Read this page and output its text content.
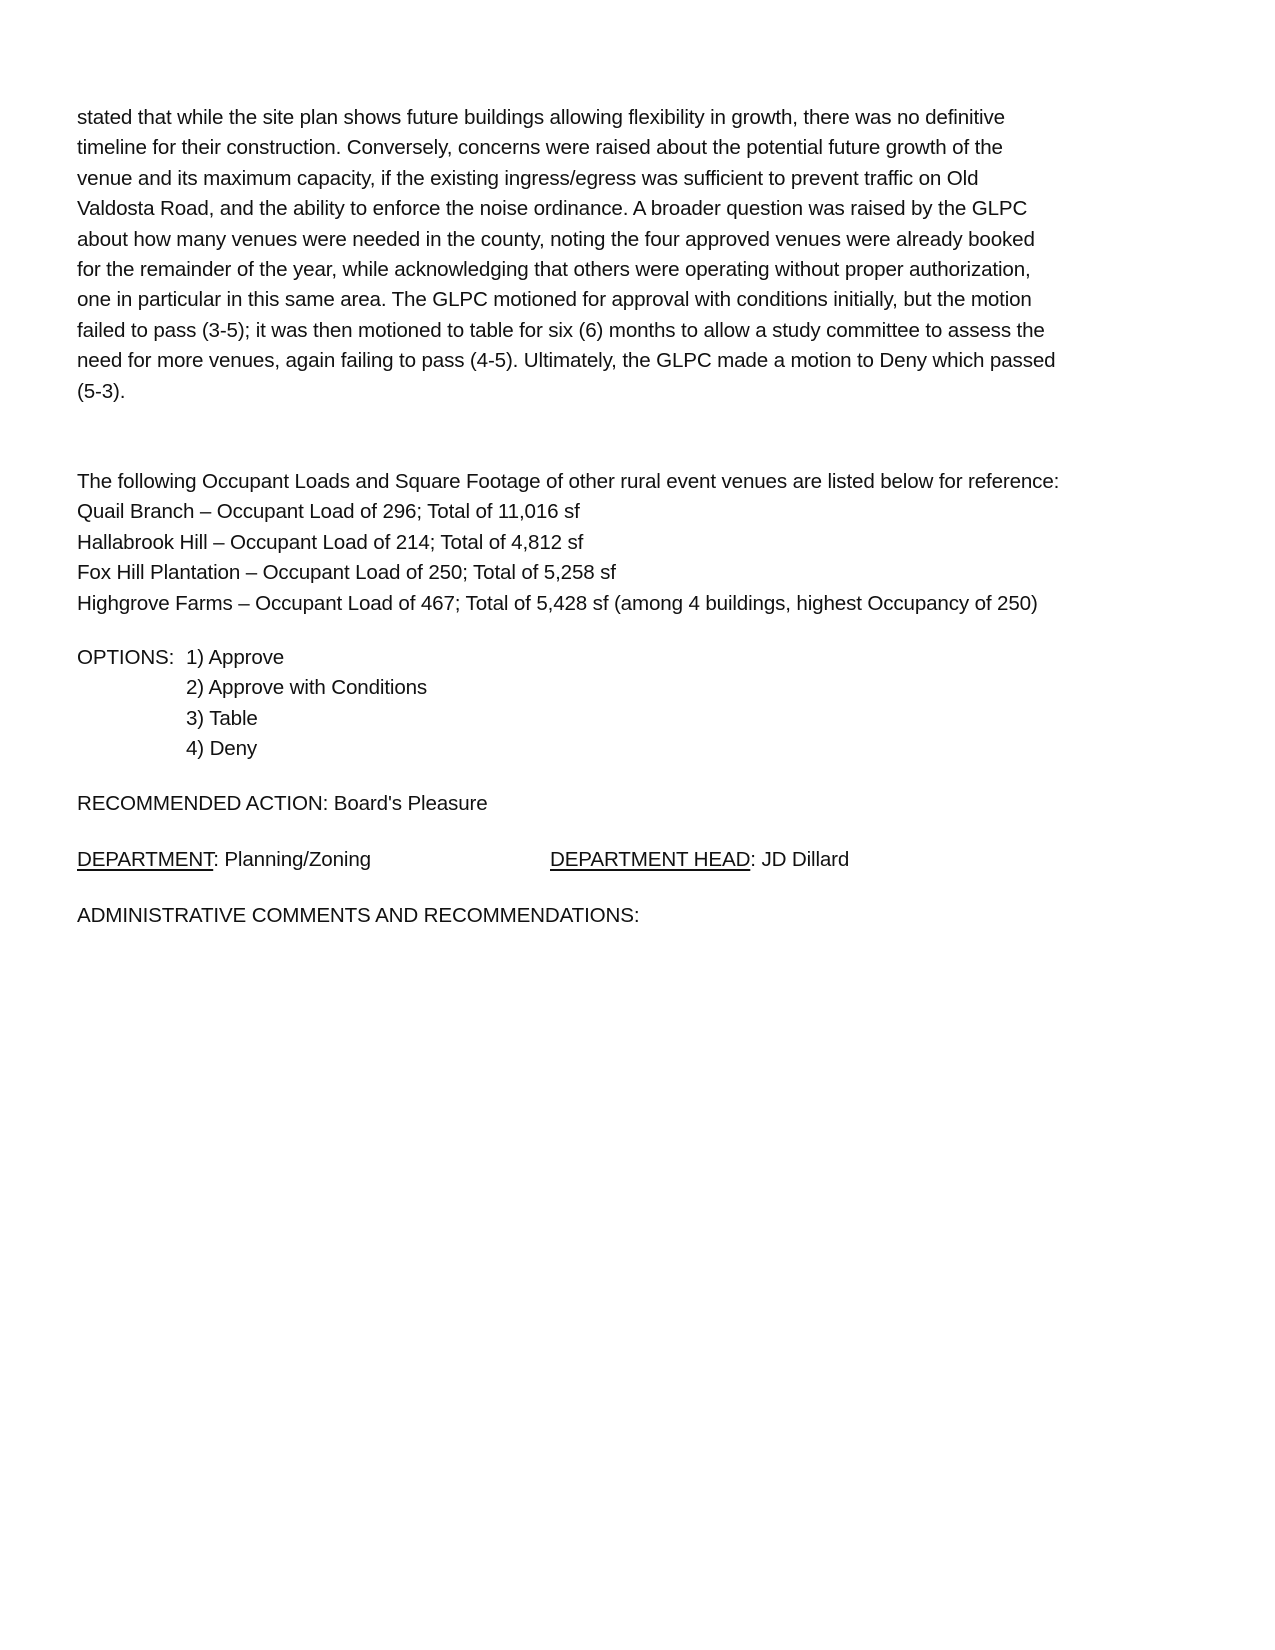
stated that while the site plan shows future buildings allowing flexibility in growth, there was no definitive
timeline for their construction. Conversely, concerns were raised about the potential future growth of the
venue and its maximum capacity, if the existing ingress/egress was sufficient to prevent traffic on Old
Valdosta Road, and the ability to enforce the noise ordinance. A broader question was raised by the GLPC
about how many venues were needed in the county, noting the four approved venues were already booked
for the remainder of the year, while acknowledging that others were operating without proper authorization,
one in particular in this same area. The GLPC motioned for approval with conditions initially, but the motion
failed to pass (3-5); it was then motioned to table for six (6) months to allow a study committee to assess the
need for more venues, again failing to pass (4-5). Ultimately, the GLPC made a motion to Deny which passed
(5-3).

The following Occupant Loads and Square Footage of other rural event venues are listed below for reference:
Quail Branch – Occupant Load of 296; Total of 11,016 sf
Hallabrook Hill – Occupant Load of 214; Total of 4,812 sf
Fox Hill Plantation – Occupant Load of 250; Total of 5,258 sf
Highgrove Farms – Occupant Load of 467; Total of 5,428 sf (among 4 buildings, highest Occupancy of 250)
OPTIONS: 1) Approve
2) Approve with Conditions
3) Table
4) Deny
RECOMMENDED ACTION: Board's Pleasure
DEPARTMENT: Planning/Zoning	DEPARTMENT HEAD: JD Dillard
ADMINISTRATIVE COMMENTS AND RECOMMENDATIONS:
